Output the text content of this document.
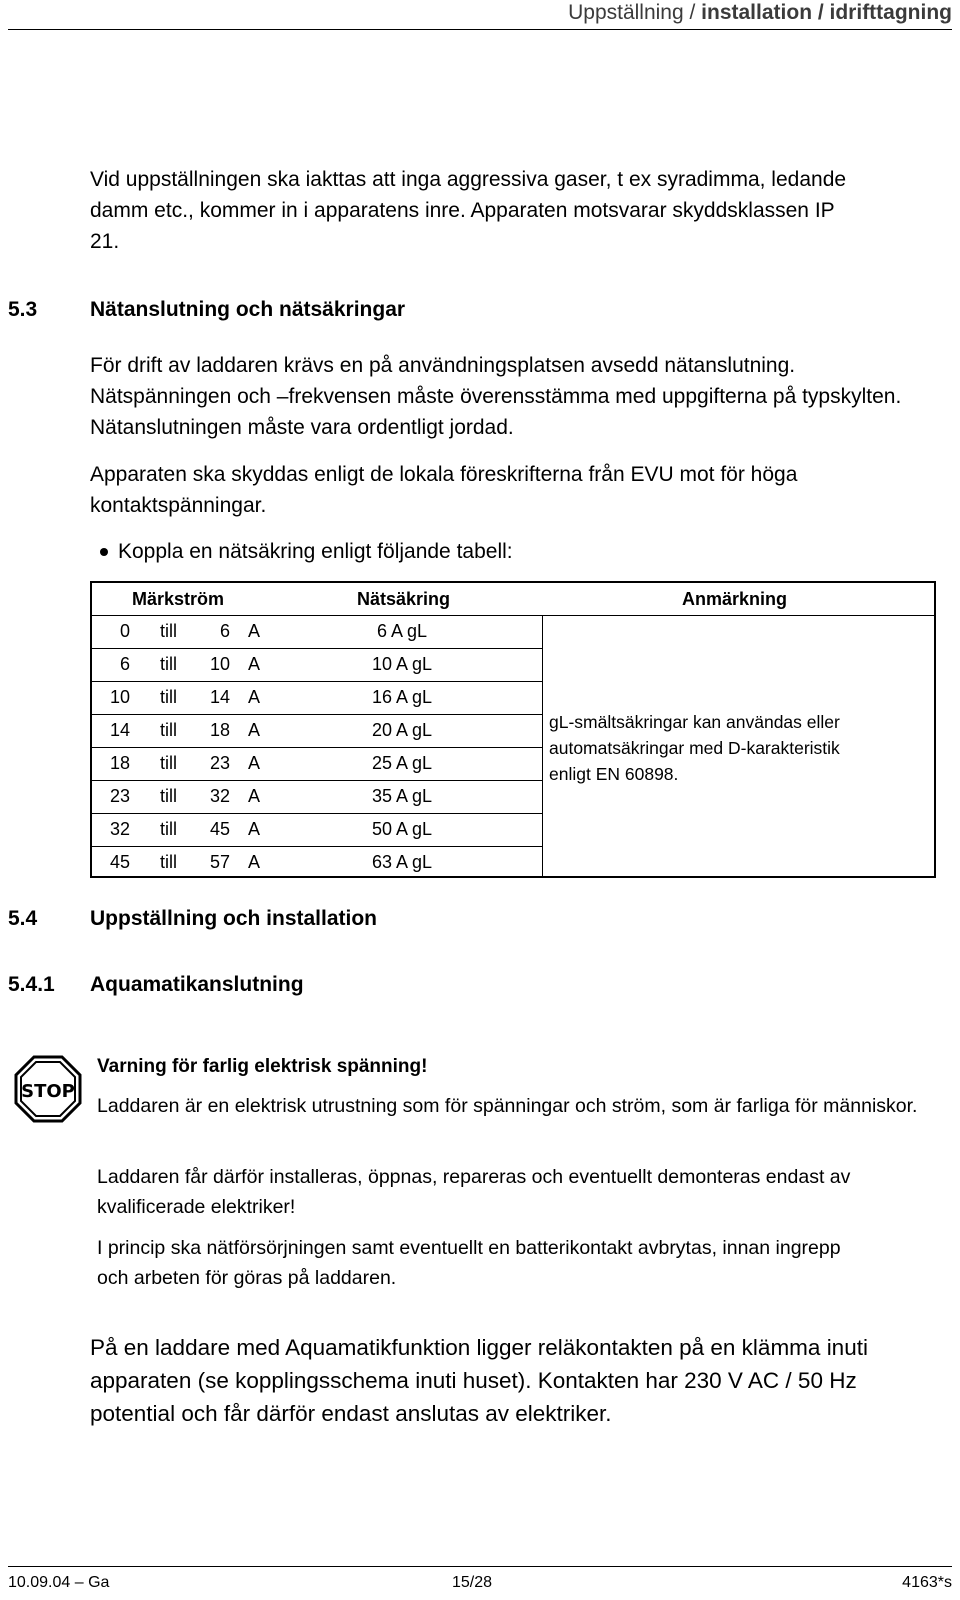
Uppställning / installation / idrifttagning
Vid uppställningen ska iakttas att inga aggressiva gaser, t ex syradimma, ledande damm etc., kommer in i apparatens inre. Apparaten motsvarar skyddsklassen IP 21.
5.3	Nätanslutning och nätsäkringar
För drift av laddaren krävs en på användningsplatsen avsedd nätanslutning. Nätspänningen och –frekvensen måste överensstämma med uppgifterna på typskylten. Nätanslutningen måste vara ordentligt jordad.
Apparaten ska skyddas enligt de lokala föreskrifterna från EVU mot för höga kontaktspänningar.
Koppla en nätsäkring enligt följande tabell:
Märkström	Nätsäkring	Anmärkning
0 till 6 A	6 A gL
6 till 10 A	10 A gL
10 till 14 A	16 A gL
14 till 18 A	20 A gL
18 till 23 A	25 A gL
23 till 32 A	35 A gL
32 till 45 A	50 A gL
45 till 57 A	63 A gL
gL-smältsäkringar kan användas eller
automatsäkringar med D-karakteristik
enligt EN 60898.
5.4	Uppställning och installation
5.4.1 Aquamatikanslutning
STOP
Varning för farlig elektrisk spänning!
Laddaren är en elektrisk utrustning som för spänningar och ström, som är farliga för människor.
Laddaren får därför installeras, öppnas, repareras och eventuellt demonteras endast av kvalificerade elektriker!
I princip ska nätförsörjningen samt eventuellt en batterikontakt avbrytas, innan ingrepp och arbeten för göras på laddaren.
På en laddare med Aquamatikfunktion ligger reläkontakten på en klämma inuti apparaten (se kopplingsschema inuti huset). Kontakten har 230 V AC / 50 Hz potential och får därför endast anslutas av elektriker.
10.09.04 – Ga	15/28	4163*s
